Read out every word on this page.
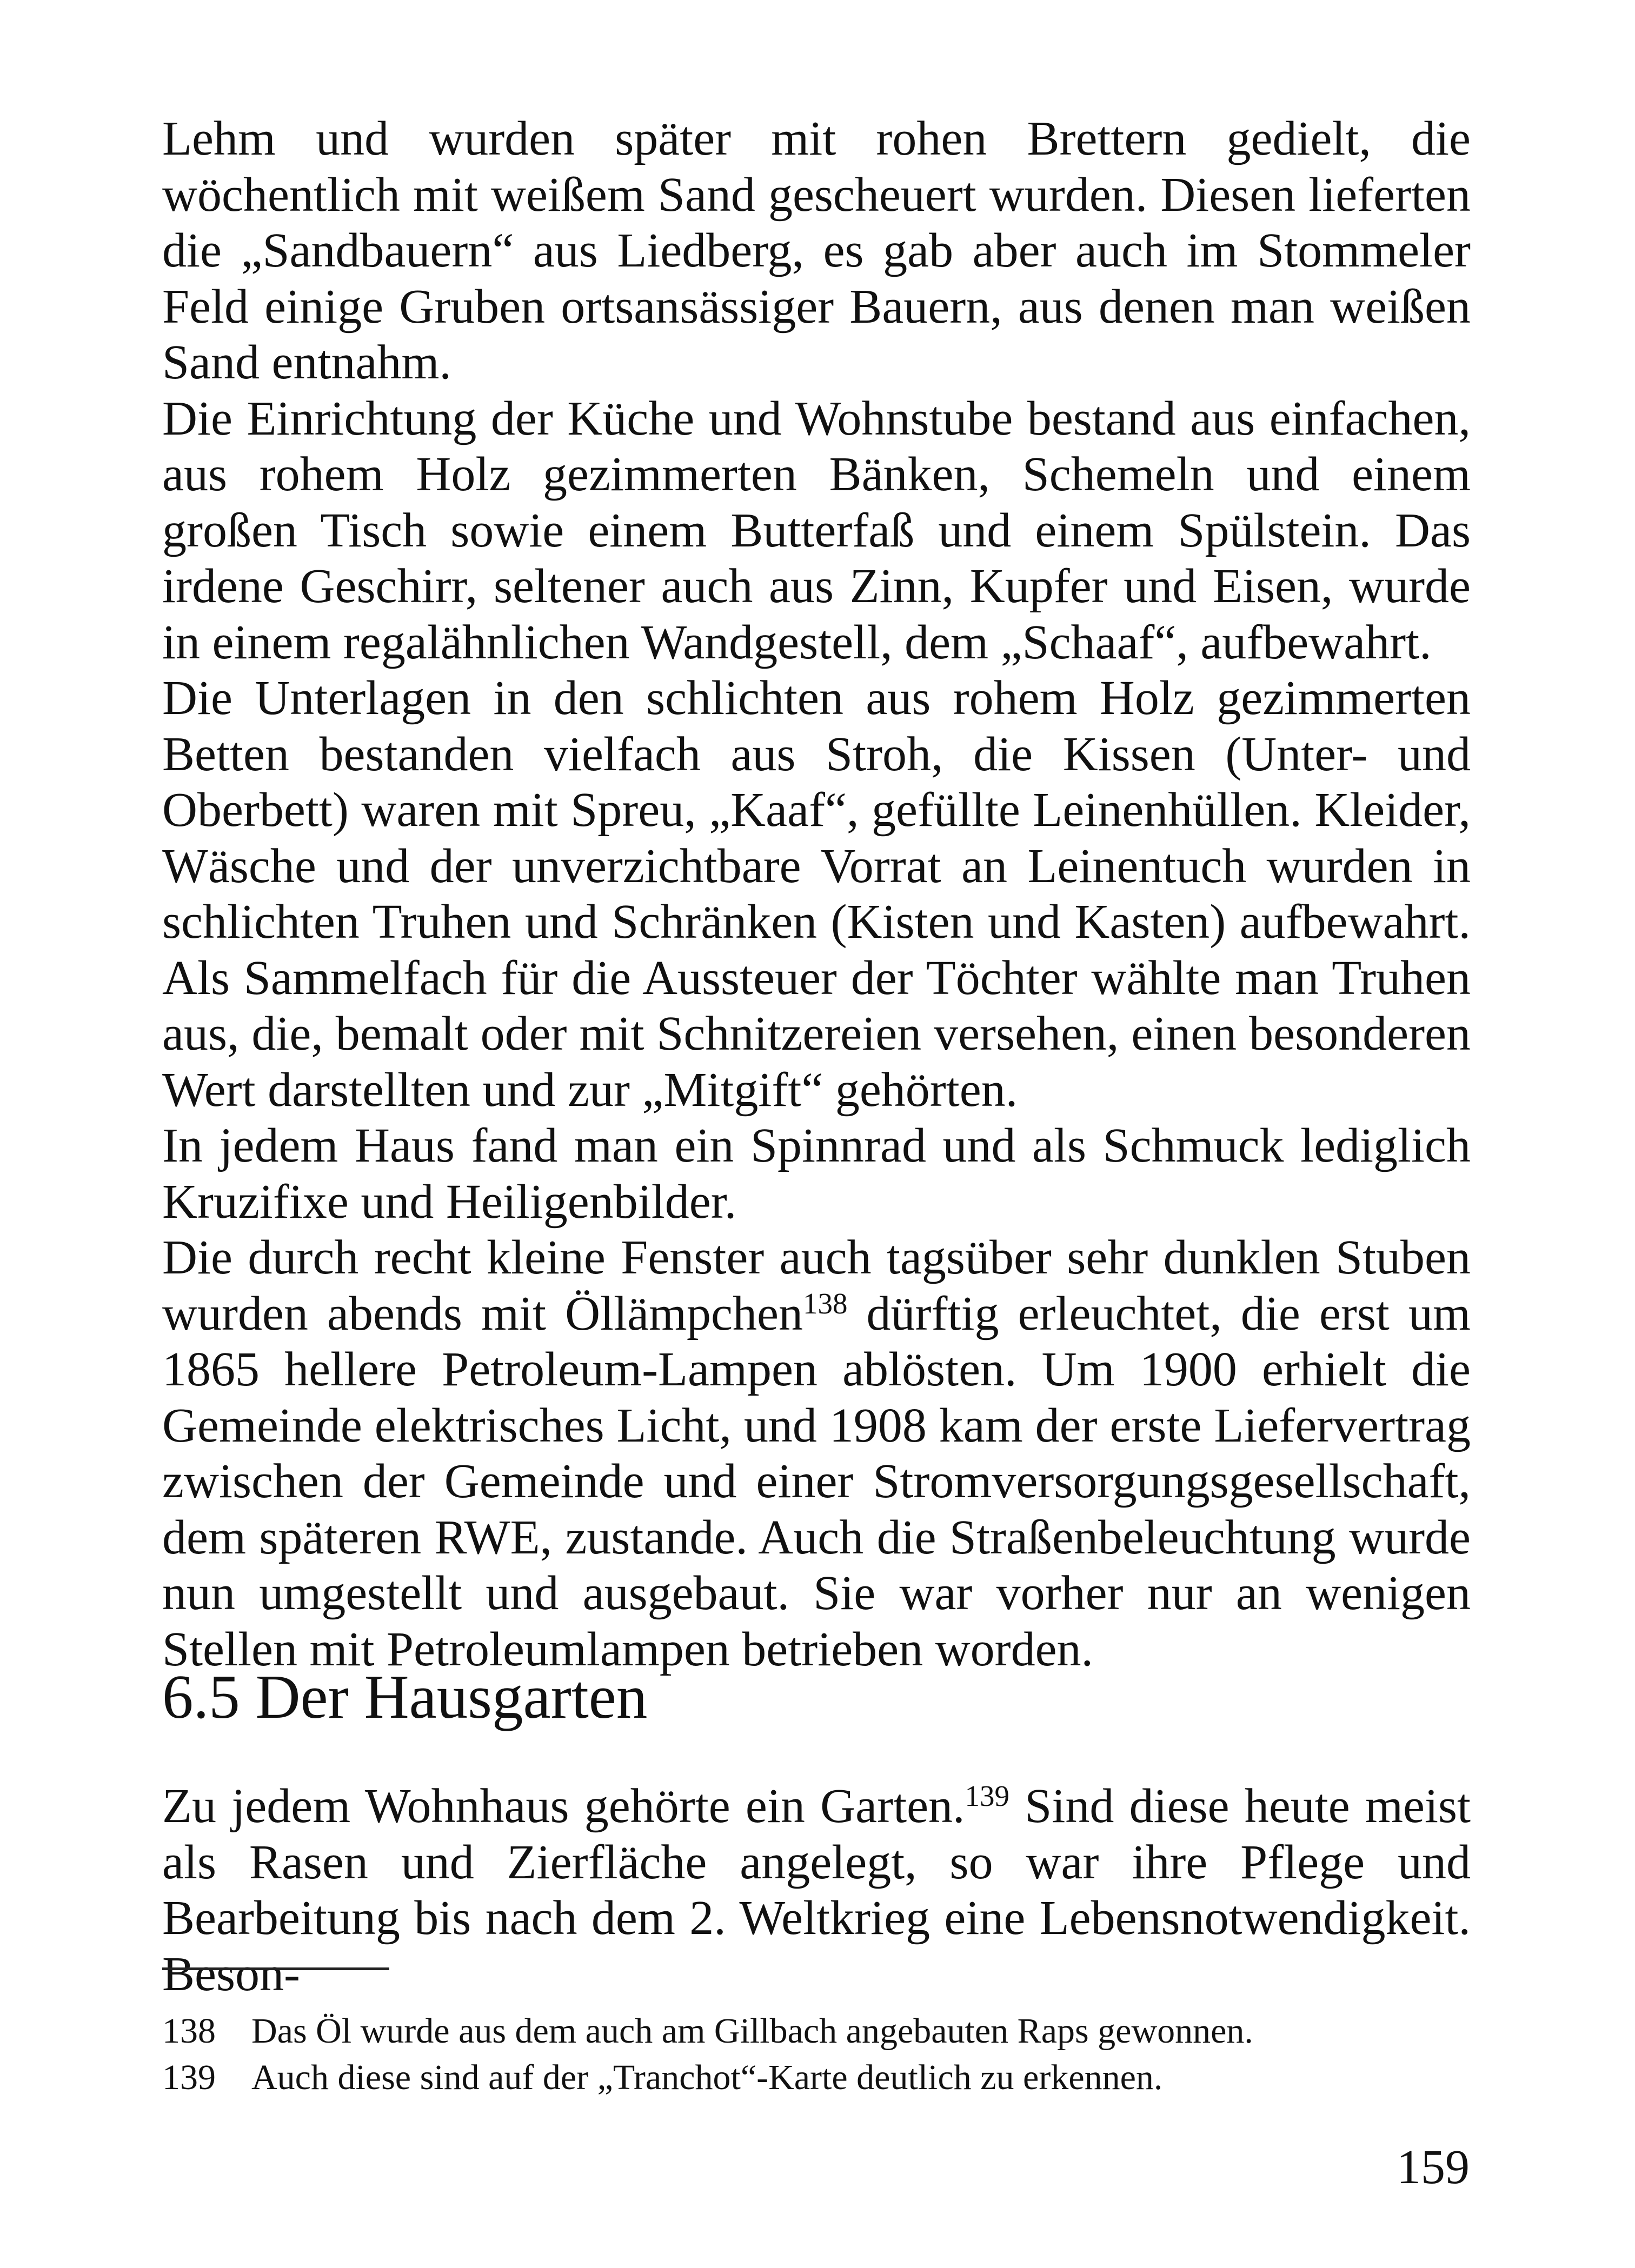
Lehm und wurden später mit rohen Brettern gedielt, die wöchentlich mit weißem Sand gescheuert wurden. Diesen lieferten die „Sandbauern“ aus Liedberg, es gab aber auch im Stommeler Feld einige Gruben ortsansässiger Bauern, aus denen man weißen Sand entnahm.

Die Einrichtung der Küche und Wohnstube bestand aus einfachen, aus rohem Holz gezimmerten Bänken, Schemeln und einem großen Tisch sowie einem Butterfaß und einem Spülstein. Das irdene Geschirr, seltener auch aus Zinn, Kupfer und Eisen, wurde in einem regalähnlichen Wandgestell, dem „Schaaf“, aufbewahrt.

Die Unterlagen in den schlichten aus rohem Holz gezimmerten Betten bestanden vielfach aus Stroh, die Kissen (Unter- und Oberbett) waren mit Spreu, „Kaaf“, gefüllte Leinenhüllen. Kleider, Wäsche und der unverzichtbare Vorrat an Leinentuch wurden in schlichten Truhen und Schränken (Kisten und Kasten) aufbewahrt. Als Sammelfach für die Aussteuer der Töchter wählte man Truhen aus, die, bemalt oder mit Schnitzereien versehen, einen besonderen Wert darstellten und zur „Mitgift“ gehörten.

In jedem Haus fand man ein Spinnrad und als Schmuck lediglich Kruzifixe und Heiligenbilder.

Die durch recht kleine Fenster auch tagsüber sehr dunklen Stuben wurden abends mit Öllämpchen$^{138}$ dürftig erleuchtet, die erst um 1865 hellere Petroleum-Lampen ablösten. Um 1900 erhielt die Gemeinde elektrisches Licht, und 1908 kam der erste Liefervertrag zwischen der Gemeinde und einer Stromversorgungsgesellschaft, dem späteren RWE, zustande. Auch die Straßenbeleuchtung wurde nun umgestellt und ausgebaut. Sie war vorher nur an wenigen Stellen mit Petroleumlampen betrieben worden.

6.5 Der Hausgarten

Zu jedem Wohnhaus gehörte ein Garten.$^{139}$ Sind diese heute meist als Rasen und Zierfläche angelegt, so war ihre Pflege und Bearbeitung bis nach dem 2. Weltkrieg eine Lebensnotwendigkeit. Beson-

138	Das Öl wurde aus dem auch am Gillbach angebauten Raps gewonnen.

139	Auch diese sind auf der „Tranchot“-Karte deutlich zu erkennen.

159
